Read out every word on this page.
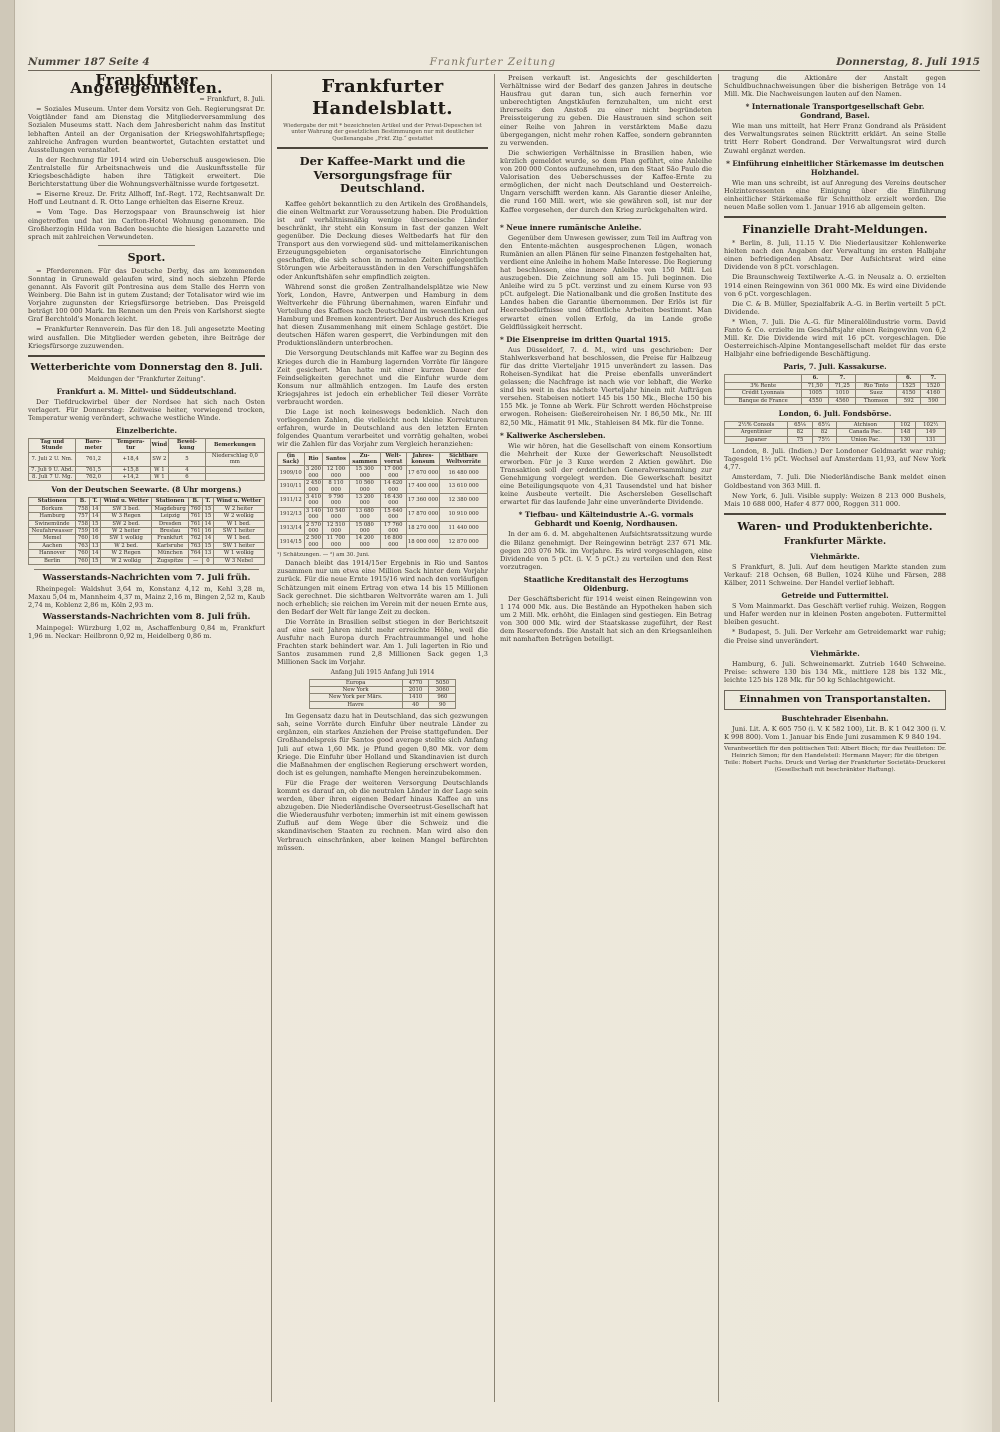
Nummer 187 Seite 4	Frankfurter Zeitung	Donnerstag, 8. Juli 1915
Frankfurter Angelegenheiten.

= Frankfurt, 8. Juli.

= Soziales Museum. Unter dem Vorsitz von Geh. Regierungsrat Dr. Voigtländer fand am Dienstag die Mitgliederversammlung des Sozialen Museums statt. Nach dem Jahresbericht nahm das Institut lebhaften Anteil an der Organisation der Kriegswohlfahrtspflege; zahlreiche Anfragen wurden beantwortet, Gutachten erstattet und Ausstellungen veranstaltet.

In der Rechnung für 1914 wird ein Ueberschuß ausgewiesen. Die Zentralstelle für Arbeitsnachweis und die Auskunftsstelle für Kriegsbeschädigte haben ihre Tätigkeit erweitert. Die Berichterstattung über die Wohnungsverhältnisse wurde fortgesetzt.

= Eiserne Kreuz. Dr. Fritz Allhoff, Inf.-Regt. 172, Rechtsanwalt Dr. Hoff und Leutnant d. R. Otto Lange erhielten das Eiserne Kreuz.

= Vom Tage. Das Herzogspaar von Braunschweig ist hier eingetroffen und hat im Carlton-Hotel Wohnung genommen. Die Großherzogin Hilda von Baden besuchte die hiesigen Lazarette und sprach mit zahlreichen Verwundeten.

Sport.

= Pferderennen. Für das Deutsche Derby, das am kommenden Sonntag in Grunewald gelaufen wird, sind noch siebzehn Pferde genannt. Als Favorit gilt Pontresina aus dem Stalle des Herrn von Weinberg. Die Bahn ist in gutem Zustand; der Totalisator wird wie im Vorjahre zugunsten der Kriegsfürsorge betrieben. Das Preisgeld beträgt 100 000 Mark. Im Rennen um den Preis von Karlshorst siegte Graf Berchtold's Monarch leicht.

= Frankfurter Rennverein. Das für den 18. Juli angesetzte Meeting wird ausfallen. Die Mitglieder werden gebeten, ihre Beiträge der Kriegsfürsorge zuzuwenden.

Wetterberichte vom Donnerstag den 8. Juli.
Meldungen der "Frankfurter Zeitung".
Frankfurt a. M. Mittel- und Süddeutschland.

Der Tiefdruckwirbel über der Nordsee hat sich nach Osten verlagert. Für Donnerstag: Zeitweise heiter, vorwiegend trocken, Temperatur wenig verändert, schwache westliche Winde.

Einzelberichte.
Tag und Stunde	Baro-meter	Tempera-tur	Wind	Bewöl-kung	Bemerkungen
7. Juli 2 U. Nm.	761,2	+18,4	SW 2	5	Niederschlag 0,0 mm
7. Juli 9 U. Abd.	761,5	+15,8	W 1	4	
8. Juli 7 U. Mg.	762,0	+14,2	W 1	6	
Von der Deutschen Seewarte. (8 Uhr morgens.)
Stationen	B.	T.	Wind u. Wetter	Stationen	B.	T.	Wind u. Wetter
Borkum	758	14	SW 3 bed.	Magdeburg	760	15	W 2 heiter
Hamburg	757	14	W 3 Regen	Leipzig	761	15	W 2 wolkig
Swinemünde	758	15	SW 2 bed.	Dresden	761	14	W 1 bed.
Neufahrwasser	759	16	W 2 heiter	Breslau	761	16	SW 1 heiter
Memel	760	16	SW 1 wolkig	Frankfurt	762	14	W 1 bed.
Aachen	763	13	W 2 bed.	Karlsruhe	763	15	SW 1 heiter
Hannover	760	14	W 2 Regen	München	764	13	W 1 wolkig
Berlin	760	15	W 2 wolkig	Zugspitze	—	0	W 3 Nebel
Wasserstands-Nachrichten vom 7. Juli früh.

Rheinpegel: Waldshut 3,64 m, Konstanz 4,12 m, Kehl 3,28 m, Maxau 5,04 m, Mannheim 4,37 m, Mainz 2,16 m, Bingen 2,52 m, Kaub 2,74 m, Koblenz 2,86 m, Köln 2,93 m.

Wasserstands-Nachrichten vom 8. Juli früh.

Mainpegel: Würzburg 1,02 m, Aschaffenburg 0,84 m, Frankfurt 1,96 m. Neckar: Heilbronn 0,92 m, Heidelberg 0,86 m.

Frankfurter Handelsblatt.
Wiedergabe der mit * bezeichneten Artikel und der Privat-Depeschen ist unter Wahrung der gesetzlichen Bestimmungen nur mit deutlicher Quellenangabe „Frkf. Ztg.“ gestattet
Der Kaffee-Markt und die Versorgungsfrage für Deutschland.

Kaffee gehört bekanntlich zu den Artikeln des Großhandels, die einen Weltmarkt zur Voraussetzung haben. Die Produktion ist auf verhältnismäßig wenige überseeische Länder beschränkt, ihr steht ein Konsum in fast der ganzen Welt gegenüber. Die Deckung dieses Weltbedarfs hat für den Transport aus den vorwiegend süd- und mittelamerikanischen Erzeugungsgebieten organisatorische Einrichtungen geschaffen, die sich schon in normalen Zeiten gelegentlich Störungen wie Arbeiterausständen in den Verschiffungshäfen oder Ankunftshäfen sehr empfindlich zeigten.

Während sonst die großen Zentralhandelsplätze wie New York, London, Havre, Antwerpen und Hamburg in dem Weltverkehr die Führung übernahmen, waren Einfuhr und Verteilung des Kaffees nach Deutschland im wesentlichen auf Hamburg und Bremen konzentriert. Der Ausbruch des Krieges hat diesen Zusammenhang mit einem Schlage gestört. Die deutschen Häfen waren gesperrt, die Verbindungen mit den Produktionsländern unterbrochen.

Die Versorgung Deutschlands mit Kaffee war zu Beginn des Krieges durch die in Hamburg lagernden Vorräte für längere Zeit gesichert. Man hatte mit einer kurzen Dauer der Feindseligkeiten gerechnet und die Einfuhr wurde dem Konsum nur allmählich entzogen. Im Laufe des ersten Kriegsjahres ist jedoch ein erheblicher Teil dieser Vorräte verbraucht worden.

Die Lage ist noch keineswegs bedenklich. Nach den vorliegenden Zahlen, die vielleicht noch kleine Korrekturen erfahren, wurde in Deutschland aus den letzten Ernten folgendes Quantum verarbeitet und vorrätig gehalten, wobei wir die Zahlen für das Vorjahr zum Vergleich heranziehen:

(in Sack)	Rio	Santos	Zu-sammen	Welt-vorrat	Jahres-konsum	Sichtbare Weltvorräte
1909/10	3 200 000	12 100 000	15 300 000	17 000 000	17 670 000	16 480 000
1910/11	2 450 000	8 110 000	10 560 000	14 620 000	17 400 000	13 610 000
1911/12	3 410 000	9 790 000	13 200 000	16 430 000	17 360 000	12 380 000
1912/13	3 140 000	10 540 000	13 680 000	15 640 000	17 870 000	10 910 000
1913/14	2 570 000	12 510 000	15 080 000	17 760 000	18 270 000	11 440 000
1914/15	2 500 000	11 700 000	14 200 000	16 800 000	18 000 000	12 870 000
¹) Schätzungen. — ²) am 30. Juni.

Danach bleibt das 1914/15er Ergebnis in Rio und Santos zusammen nur um etwa eine Million Sack hinter dem Vorjahr zurück. Für die neue Ernte 1915/16 wird nach den vorläufigen Schätzungen mit einem Ertrag von etwa 14 bis 15 Millionen Sack gerechnet. Die sichtbaren Weltvorräte waren am 1. Juli noch erheblich; sie reichen im Verein mit der neuen Ernte aus, den Bedarf der Welt für lange Zeit zu decken.

Die Vorräte in Brasilien selbst stiegen in der Berichtszeit auf eine seit Jahren nicht mehr erreichte Höhe, weil die Ausfuhr nach Europa durch Frachtraummangel und hohe Frachten stark behindert war. Am 1. Juli lagerten in Rio und Santos zusammen rund 2,8 Millionen Sack gegen 1,3 Millionen Sack im Vorjahr.

Anfang Juli 1915 Anfang Juli 1914
Europa	4770	5050
New York	2010	3060
New York per Märs.	1410	960
Havre	40	90

Im Gegensatz dazu hat in Deutschland, das sich gezwungen sah, seine Vorräte durch Einfuhr über neutrale Länder zu ergänzen, ein starkes Anziehen der Preise stattgefunden. Der Großhandelspreis für Santos good average stellte sich Anfang Juli auf etwa 1,60 Mk. je Pfund gegen 0,80 Mk. vor dem Kriege. Die Einfuhr über Holland und Skandinavien ist durch die Maßnahmen der englischen Regierung erschwert worden, doch ist es gelungen, namhafte Mengen hereinzubekommen.

Für die Frage der weiteren Versorgung Deutschlands kommt es darauf an, ob die neutralen Länder in der Lage sein werden, über ihren eigenen Bedarf hinaus Kaffee an uns abzugeben. Die Niederländische Overseetrust-Gesellschaft hat die Wiederausfuhr verboten; immerhin ist mit einem gewissen Zufluß auf dem Wege über die Schweiz und die skandinavischen Staaten zu rechnen. Man wird also den Verbrauch einschränken, aber keinen Mangel befürchten müssen.

Preisen verkauft ist. Angesichts der geschilderten Verhältnisse wird der Bedarf des ganzen Jahres in deutsche Hausfrau gut daran tun, sich auch fernerhin vor unberechtigten Angstkäufen fernzuhalten, um nicht erst ihrerseits den Anstoß zu einer nicht begründeten Preissteigerung zu geben. Die Haustrauen sind schon seit einer Reihe von Jahren in verstärktem Maße dazu übergegangen, nicht mehr rohen Kaffee, sondern gebrannten zu verwenden.

Die schwierigen Verhältnisse in Brasilien haben, wie kürzlich gemeldet wurde, so dem Plan geführt, eine Anleihe von 200 000 Contos aufzunehmen, um den Staat São Paulo die Valorisation des Ueberschusses der Kaffee-Ernte zu ermöglichen, der nicht nach Deutschland und Oesterreich-Ungarn verschifft werden kann. Als Garantie dieser Anleihe, die rund 160 Mill. wert, wie sie gewähren soll, ist nur der Kaffee vorgesehen, der durch den Krieg zurückgehalten wird.

* Neue innere rumänische Anleihe.

Gegenüber dem Unwesen gewisser, zum Teil im Auftrag von den Entente-mächten ausgesprochenen Lügen, wonach Rumänien an allen Plänen für seine Finanzen festgehalten hat, verdient eine Anleihe in hohem Maße Interesse. Die Regierung hat beschlossen, eine innere Anleihe von 150 Mill. Lei auszugeben. Die Zeichnung soll am 15. Juli beginnen. Die Anleihe wird zu 5 pCt. verzinst und zu einem Kurse von 93 pCt. aufgelegt. Die Nationalbank und die großen Institute des Landes haben die Garantie übernommen. Der Erlös ist für Heeresbedürfnisse und öffentliche Arbeiten bestimmt. Man erwartet einen vollen Erfolg, da im Lande große Geldflüssigkeit herrscht.

* Die Eisenpreise im dritten Quartal 1915.

Aus Düsseldorf, 7. d. M., wird uns geschrieben: Der Stahlwerksverband hat beschlossen, die Preise für Halbzeug für das dritte Vierteljahr 1915 unverändert zu lassen. Das Roheisen-Syndikat hat die Preise ebenfalls unverändert gelassen; die Nachfrage ist nach wie vor lebhaft, die Werke sind bis weit in das nächste Vierteljahr hinein mit Aufträgen versehen. Stabeisen notiert 145 bis 150 Mk., Bleche 150 bis 155 Mk. je Tonne ab Werk. Für Schrott werden Höchstpreise erwogen. Roheisen: Gießereiroheisen Nr. I 86,50 Mk., Nr. III 82,50 Mk., Hämatit 91 Mk., Stahleisen 84 Mk. für die Tonne.

* Kaliwerke Aschersleben.

Wie wir hören, hat die Gesellschaft von einem Konsortium die Mehrheit der Kuxe der Gewerkschaft Neusollstedt erworben. Für je 3 Kuxe werden 2 Aktien gewährt. Die Transaktion soll der ordentlichen Generalversammlung zur Genehmigung vorgelegt werden. Die Gewerkschaft besitzt eine Beteiligungsquote von 4,31 Tausendstel und hat bisher keine Ausbeute verteilt. Die Aschersleben Gesellschaft erwartet für das laufende Jahr eine unveränderte Dividende.

* Tiefbau- und Kälteindustrie A.-G. vormals Gebhardt und Koenig, Nordhausen.

In der am 6. d. M. abgehaltenen Aufsichtsratssitzung wurde die Bilanz genehmigt. Der Reingewinn beträgt 237 671 Mk. gegen 203 076 Mk. im Vorjahre. Es wird vorgeschlagen, eine Dividende von 5 pCt. (i. V. 5 pCt.) zu verteilen und den Rest vorzutragen.

Staatliche Kreditanstalt des Herzogtums Oldenburg.

Der Geschäftsbericht für 1914 weist einen Reingewinn von 1 174 000 Mk. aus. Die Bestände an Hypotheken haben sich um 2 Mill. Mk. erhöht, die Einlagen sind gestiegen. Ein Betrag von 300 000 Mk. wird der Staatskasse zugeführt, der Rest dem Reservefonds. Die Anstalt hat sich an den Kriegsanleihen mit namhaften Beträgen beteiligt.

tragung die Aktionäre der Anstalt gegen Schuldbuchnachweisungen über die bisherigen Beträge von 14 Mill. Mk. Die Nachweisungen lauten auf den Namen.

* Internationale Transportgesellschaft Gebr. Gondrand, Basel.

Wie man uns mitteilt, hat Herr Franz Gondrand als Präsident des Verwaltungsrates seinen Rücktritt erklärt. An seine Stelle tritt Herr Robert Gondrand. Der Verwaltungsrat wird durch Zuwahl ergänzt werden.

* Einführung einheitlicher Stärkemasse im deutschen Holzhandel.

Wie man uns schreibt, ist auf Anregung des Vereins deutscher Holzinteressenten eine Einigung über die Einführung einheitlicher Stärkemaße für Schnittholz erzielt worden. Die neuen Maße sollen vom 1. Januar 1916 ab allgemein gelten.

Finanzielle Draht-Meldungen.

* Berlin, 8. Juli, 11.15 V. Die Niederlausitzer Kohlenwerke hielten nach den Angaben der Verwaltung im ersten Halbjahr einen befriedigenden Absatz. Der Aufsichtsrat wird eine Dividende von 8 pCt. vorschlagen.

Die Braunschweig Textilwerke A.-G. in Neusalz a. O. erzielten 1914 einen Reingewinn von 361 000 Mk. Es wird eine Dividende von 6 pCt. vorgeschlagen.

Die C. & B. Müller, Spezialfabrik A.-G. in Berlin verteilt 5 pCt. Dividende.

* Wien, 7. Juli. Die A.-G. für Mineralölindustrie vorm. David Fanto & Co. erzielte im Geschäftsjahr einen Reingewinn von 6,2 Mill. Kr. Die Dividende wird mit 16 pCt. vorgeschlagen. Die Oesterreichisch-Alpine Montangesellschaft meldet für das erste Halbjahr eine befriedigende Beschäftigung.

Paris, 7. Juli. Kassakurse.
	6.	7.		6.	7.
3% Rente	71,50	71,25	Rio Tinto	1525	1520
Crédit Lyonnais	1005	1010	Suez	4150	4160
Banque de France	4550	4560	Thomson	592	590
London, 6. Juli. Fondsbörse.
2½% Consols	65⅛	65¼	Atchison	102	102½
Argentinier	82	82	Canada Pac.	148	149
Japaner	75	75½	Union Pac.	130	131

London, 8. Juli. (Indien.) Der Londoner Geldmarkt war ruhig; Tagesgeld 1½ pCt. Wechsel auf Amsterdam 11,93, auf New York 4,77.

Amsterdam, 7. Juli. Die Niederländische Bank meldet einen Goldbestand von 363 Mill. fl.

New York, 6. Juli. Visible supply: Weizen 8 213 000 Bushels, Mais 10 688 000, Hafer 4 877 000, Roggen 311 000.

Waren- und Produktenberichte.
Frankfurter Märkte.
Viehmärkte.

S Frankfurt, 8. Juli. Auf dem heutigen Markte standen zum Verkauf: 218 Ochsen, 68 Bullen, 1024 Kühe und Färsen, 288 Kälber, 2011 Schweine. Der Handel verlief lebhaft.

Getreide und Futtermittel.

S Vom Mainmarkt. Das Geschäft verlief ruhig. Weizen, Roggen und Hafer werden nur in kleinen Posten angeboten. Futtermittel bleiben gesucht.

* Budapest, 5. Juli. Der Verkehr am Getreidemarkt war ruhig; die Preise sind unverändert.

Viehmärkte.

Hamburg, 6. Juli. Schweinemarkt. Zutrieb 1640 Schweine. Preise: schwere 130 bis 134 Mk., mittlere 128 bis 132 Mk., leichte 125 bis 128 Mk. für 50 kg Schlachtgewicht.

Einnahmen von Transportanstalten.
Buschtehrader Eisenbahn.

Juni. Lit. A. K 605 750 (i. V. K 582 100), Lit. B. K 1 042 300 (i. V. K 998 800). Vom 1. Januar bis Ende Juni zusammen K 9 840 194.

Verantwortlich für den politischen Teil: Albert Bloch; für das Feuilleton: Dr. Heinrich Simon; für den Handelsteil: Hermann Mayer; für die übrigen Teile: Robert Fuchs. Druck und Verlag der Frankfurter Societäts-Druckerei (Gesellschaft mit beschränkter Haftung).
